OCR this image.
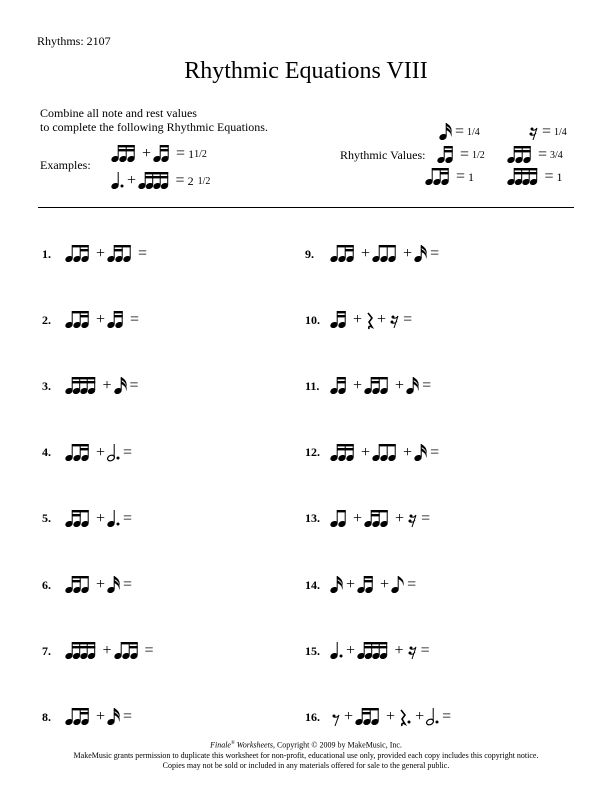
Rhythms: 2107
Rhythmic Equations VIII
Combine all note and rest values
to complete the following Rhythmic Equations.
Examples:
+ = 1 1/2
+ = 2
1/2
Rhythmic Values:
= 1/4	= 1/4
= 1/2	= 3/4
= 1	= 1
1.	+ =
2.	+ =
3.	+ =
4.	+ =
5.	+ =
6.	+ =
7.	+ =
8.	+ =
9.	+ + =
10.	+ + =
11.	+ + =
12.	+ + =
13.	+ + =
14.	+ + =
15.	+ + =
16.	+ + + =
Finale® Worksheets, Copyright © 2009 by MakeMusic, Inc.
MakeMusic grants permission to duplicate this worksheet for non-profit, educational use only, provided each copy includes this copyright notice.
Copies may not be sold or included in any materials offered for sale to the general public.
